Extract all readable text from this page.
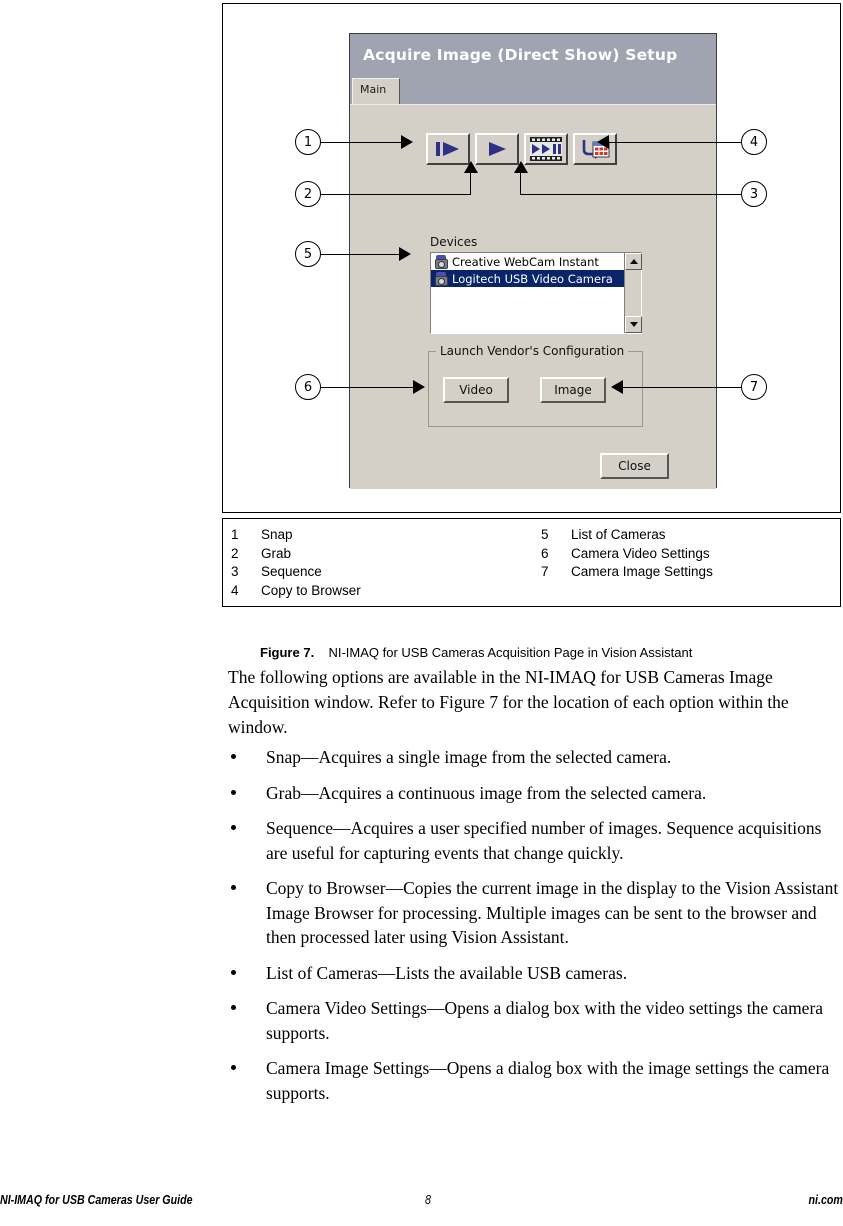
Acquire Image (Direct Show) Setup
Main
Devices
Creative WebCam Instant
Logitech USB Video Camera
Launch Vendor's Configuration
Video	Image
Close
1
2	3
4
5
6	7
1	Snap
2	Grab
3	Sequence
4	Copy to Browser
5	List of Cameras
6	Camera Video Settings
7	Camera Image Settings
Figure 7. NI-IMAQ for USB Cameras Acquisition Page in Vision Assistant
The following options are available in the NI-IMAQ for USB Cameras Image Acquisition window. Refer to Figure 7 for the location of each option within the window.
Snap—Acquires a single image from the selected camera.
Grab—Acquires a continuous image from the selected camera.
Sequence—Acquires a user specified number of images. Sequence acquisitions are useful for capturing events that change quickly.
Copy to Browser—Copies the current image in the display to the Vision Assistant Image Browser for processing. Multiple images can be sent to the browser and then processed later using Vision Assistant.
List of Cameras—Lists the available USB cameras.
Camera Video Settings—Opens a dialog box with the video settings the camera supports.
Camera Image Settings—Opens a dialog box with the image settings the camera supports.
NI-IMAQ for USB Cameras User Guide	8	ni.com
